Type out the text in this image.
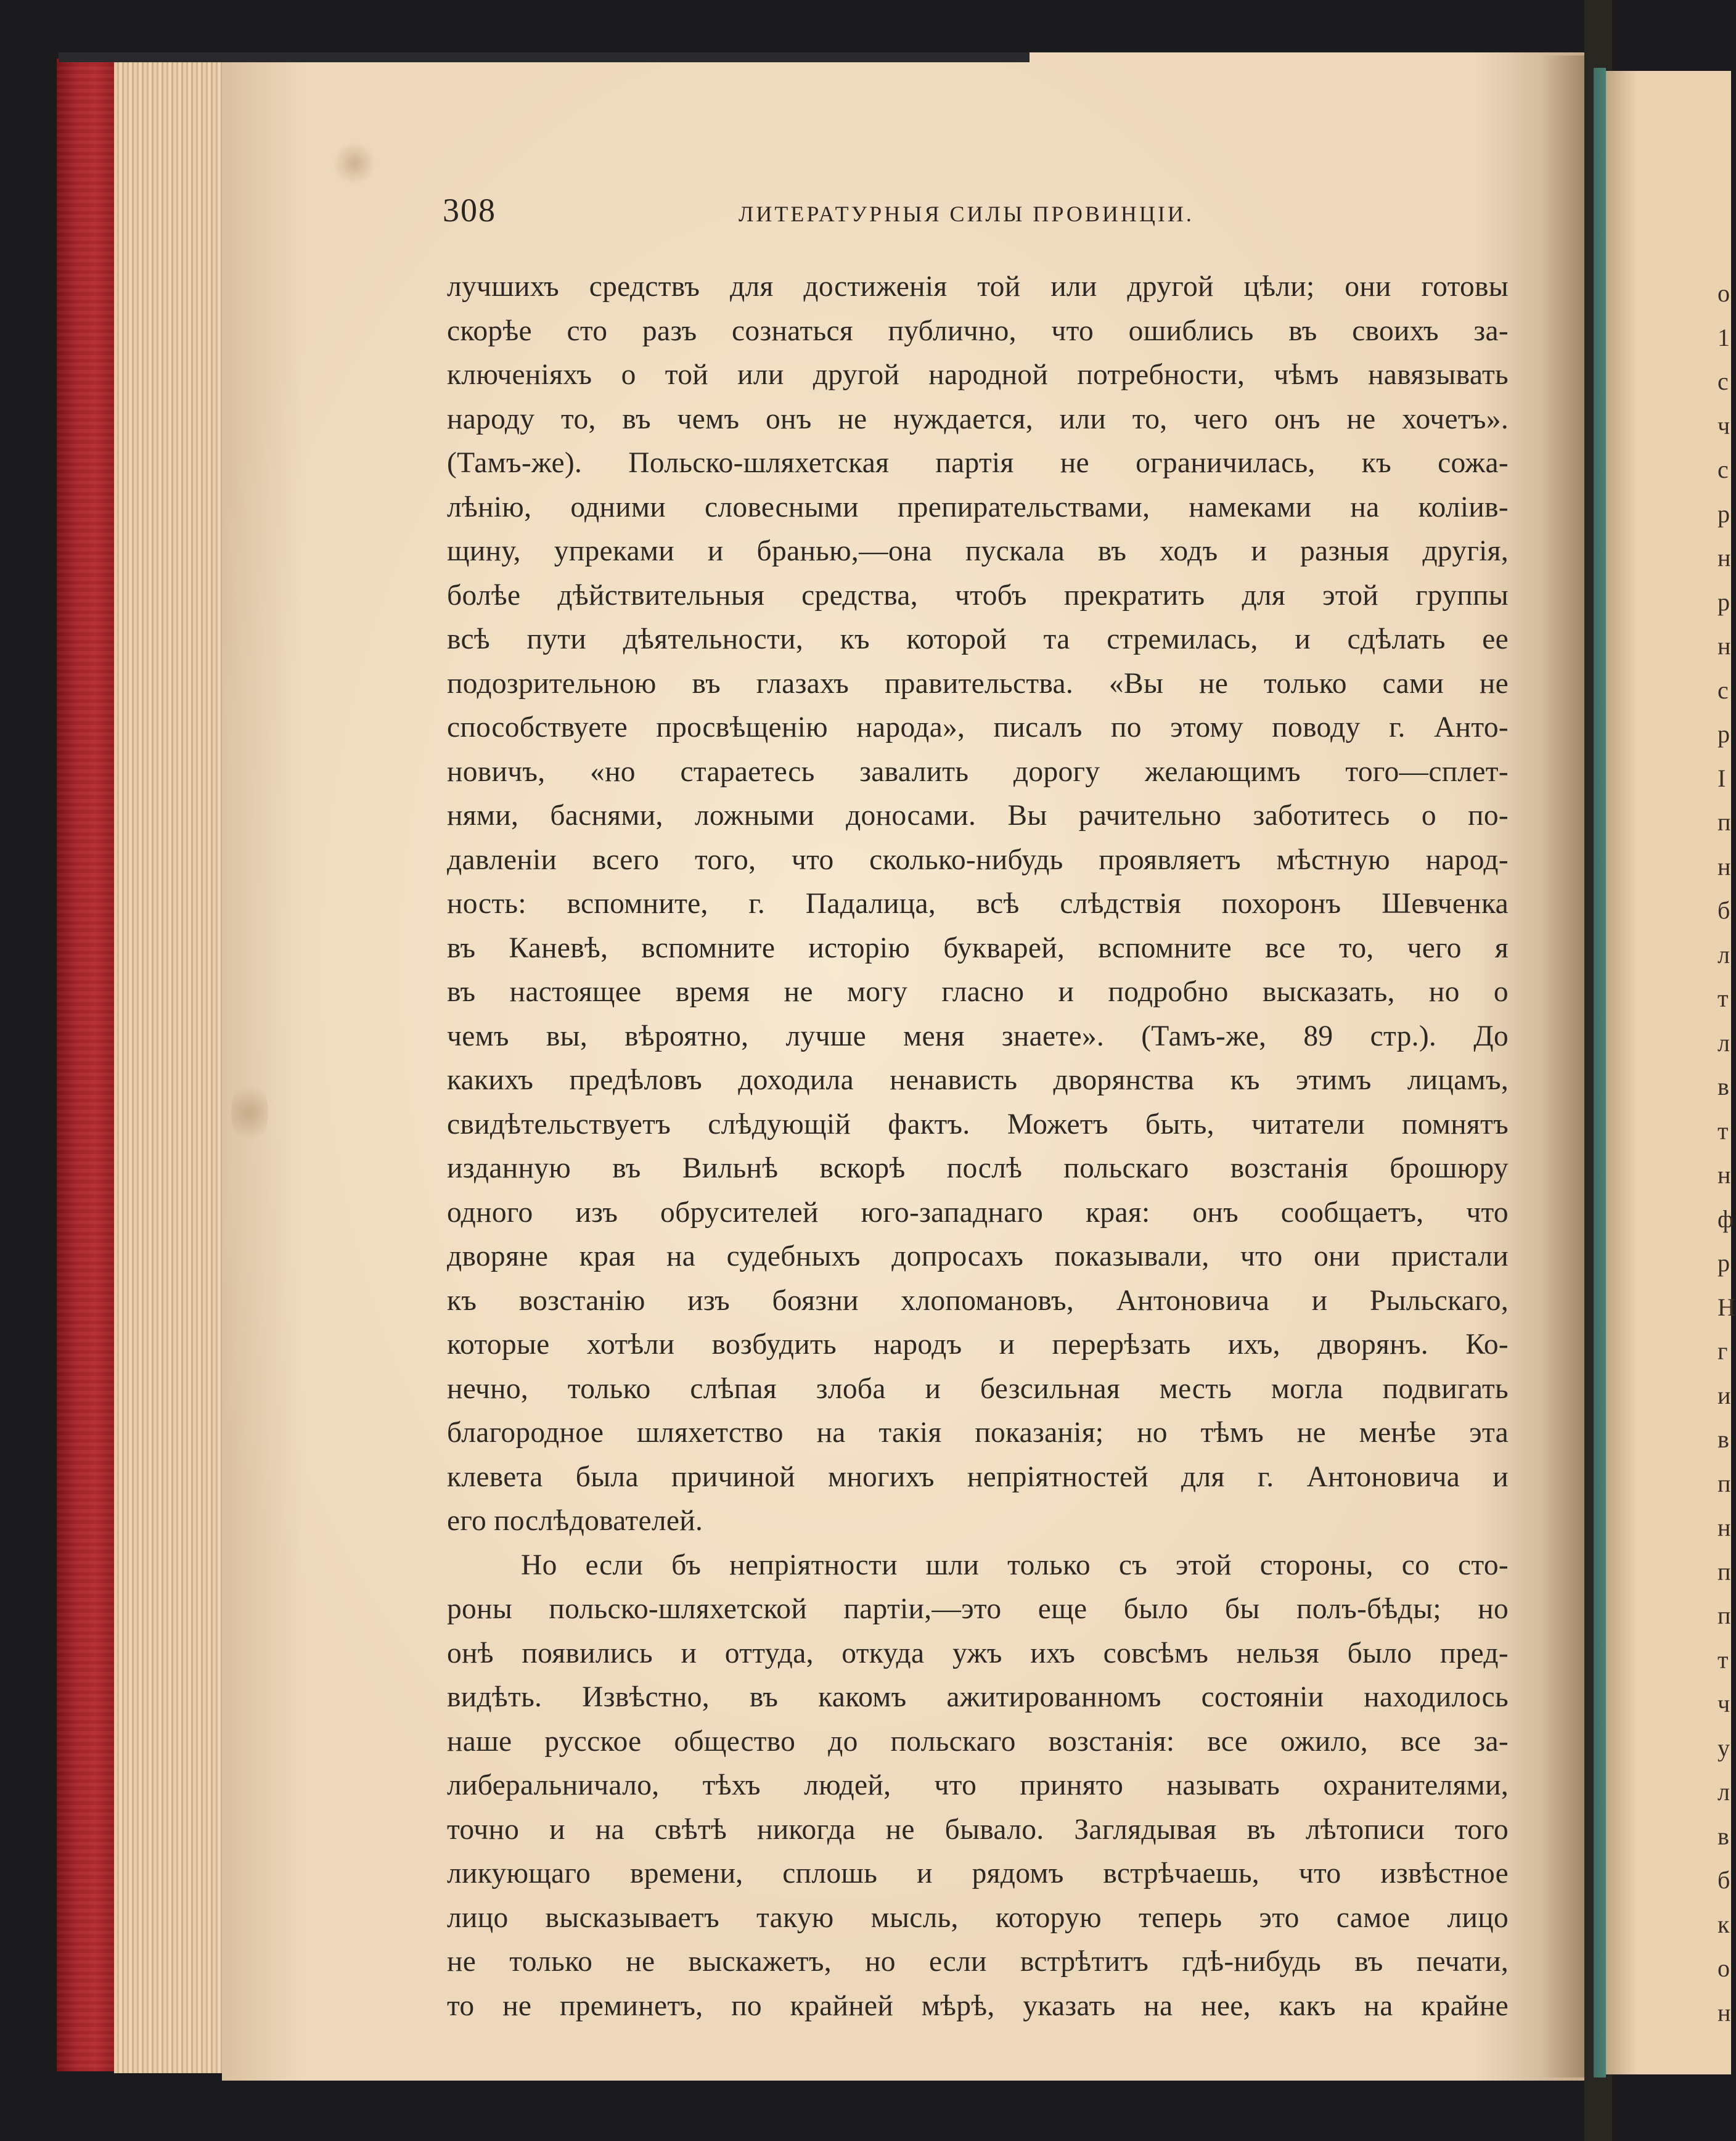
о
1
с
ч
с
р
н
р
н
с
р
I
п
н
б
л
т
л
в
т
н
ф
р
Н
г
и
в
п
н
п
п
т
ч
у
л
в
б
к
о
н
308	ЛИТЕРАТУРНЫЯ СИЛЫ ПРОВИНЦІИ.
лучшихъ средствъ для достиженія той или другой цѣли; они готовы
скорѣе сто разъ сознаться публично, что ошиблись въ своихъ за-
ключеніяхъ о той или другой народной потребности, чѣмъ навязывать
народу то, въ чемъ онъ не нуждается, или то, чего онъ не хочетъ».
(Тамъ-же). Польско-шляхетская партія не ограничилась, къ сожа-
лѣнію, одними словесными препирательствами, намеками на коліив-
щину, упреками и бранью,—она пускала въ ходъ и разныя другія,
болѣе дѣйствительныя средства, чтобъ прекратить для этой группы
всѣ пути дѣятельности, къ которой та стремилась, и сдѣлать ее
подозрительною въ глазахъ правительства. «Вы не только сами не
способствуете просвѣщенію народа», писалъ по этому поводу г. Анто-
новичъ, «но стараетесь завалить дорогу желающимъ того—сплет-
нями, баснями, ложными доносами. Вы рачительно заботитесь о по-
давленіи всего того, что сколько-нибудь проявляетъ мѣстную народ-
ность: вспомните, г. Падалица, всѣ слѣдствія похоронъ Шевченка
въ Каневѣ, вспомните исторію букварей, вспомните все то, чего я
въ настоящее время не могу гласно и подробно высказать, но о
чемъ вы, вѣроятно, лучше меня знаете». (Тамъ-же, 89 стр.). До
какихъ предѣловъ доходила ненависть дворянства къ этимъ лицамъ,
свидѣтельствуетъ слѣдующій фактъ. Можетъ быть, читатели помнятъ
изданную въ Вильнѣ вскорѣ послѣ польскаго возстанія брошюру
одного изъ обрусителей юго-западнаго края: онъ сообщаетъ, что
дворяне края на судебныхъ допросахъ показывали, что они пристали
къ возстанію изъ боязни хлопомановъ, Антоновича и Рыльскаго,
которые хотѣли возбудить народъ и перерѣзать ихъ, дворянъ. Ко-
нечно, только слѣпая злоба и безсильная месть могла подвигать
благородное шляхетство на такія показанія; но тѣмъ не менѣе эта
клевета была причиной многихъ непріятностей для г. Антоновича и
его послѣдователей.
Но если бъ непріятности шли только съ этой стороны, со сто-
роны польско-шляхетской партіи,—это еще было бы полъ-бѣды; но
онѣ появились и оттуда, откуда ужъ ихъ совсѣмъ нельзя было пред-
видѣть. Извѣстно, въ какомъ ажитированномъ состояніи находилось
наше русское общество до польскаго возстанія: все ожило, все за-
либеральничало, тѣхъ людей, что принято называть охранителями,
точно и на свѣтѣ никогда не бывало. Заглядывая въ лѣтописи того
ликующаго времени, сплошь и рядомъ встрѣчаешь, что извѣстное
лицо высказываетъ такую мысль, которую теперь это самое лицо
не только не выскажетъ, но если встрѣтитъ гдѣ-нибудь въ печати,
то не преминетъ, по крайней мѣрѣ, указать на нее, какъ на крайне
